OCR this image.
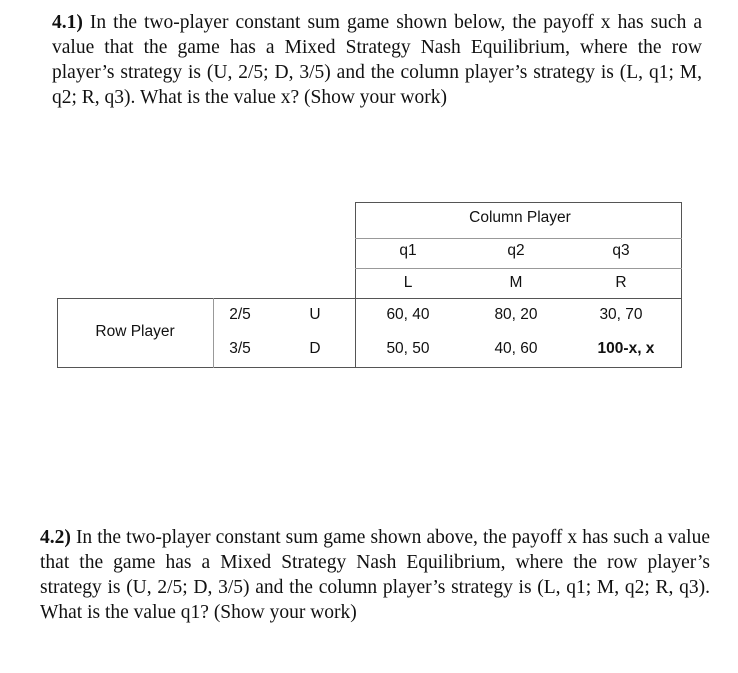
4.1) In the two-player constant sum game shown below, the payoff x has such a value that the game has a Mixed Strategy Nash Equilibrium, where the row player’s strategy is (U, 2/5; D, 3/5) and the column player’s strategy is (L, q1; M, q2; R, q3). What is the value x? (Show your work)
Column Player
q1	q2	q3
L	M	R
Row Player
2/5	U	60, 40	80, 20	30, 70
3/5	D	50, 50	40, 60	100-x, x
4.2) In the two-player constant sum game shown above, the payoff x has such a value that the game has a Mixed Strategy Nash Equilibrium, where the row player’s strategy is (U, 2/5; D, 3/5) and the column player’s strategy is (L, q1; M, q2; R, q3). What is the value q1? (Show your work)
